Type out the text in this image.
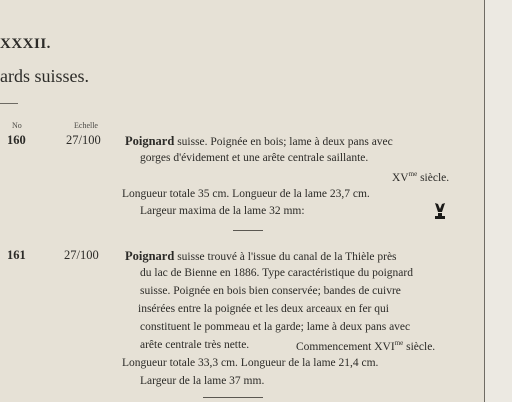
XXXII.
ards suisses.
No	Echelle
160	27/100 Poignard suisse. Poignée en bois; lame à deux pans avec
gorges d'évidement et une arête centrale saillante.
$XV^{me}$ siècle.
Longueur totale 35 cm. Longueur de la lame 23,7 cm.
Largeur maxima de la lame 32 mm:
161	27/100 Poignard suisse trouvé à l'issue du canal de la Thièle près
du lac de Bienne en 1886. Type caractéristique du poignard
suisse. Poignée en bois bien conservée; bandes de cuivre
insérées entre la poignée et les deux arceaux en fer qui
constituent le pommeau et la garde; lame à deux pans avec
arête centrale très nette.	Commencement $XVI^{me}$ siècle.
Longueur totale 33,3 cm. Longueur de la lame 21,4 cm.
Largeur de la lame 37 mm.
